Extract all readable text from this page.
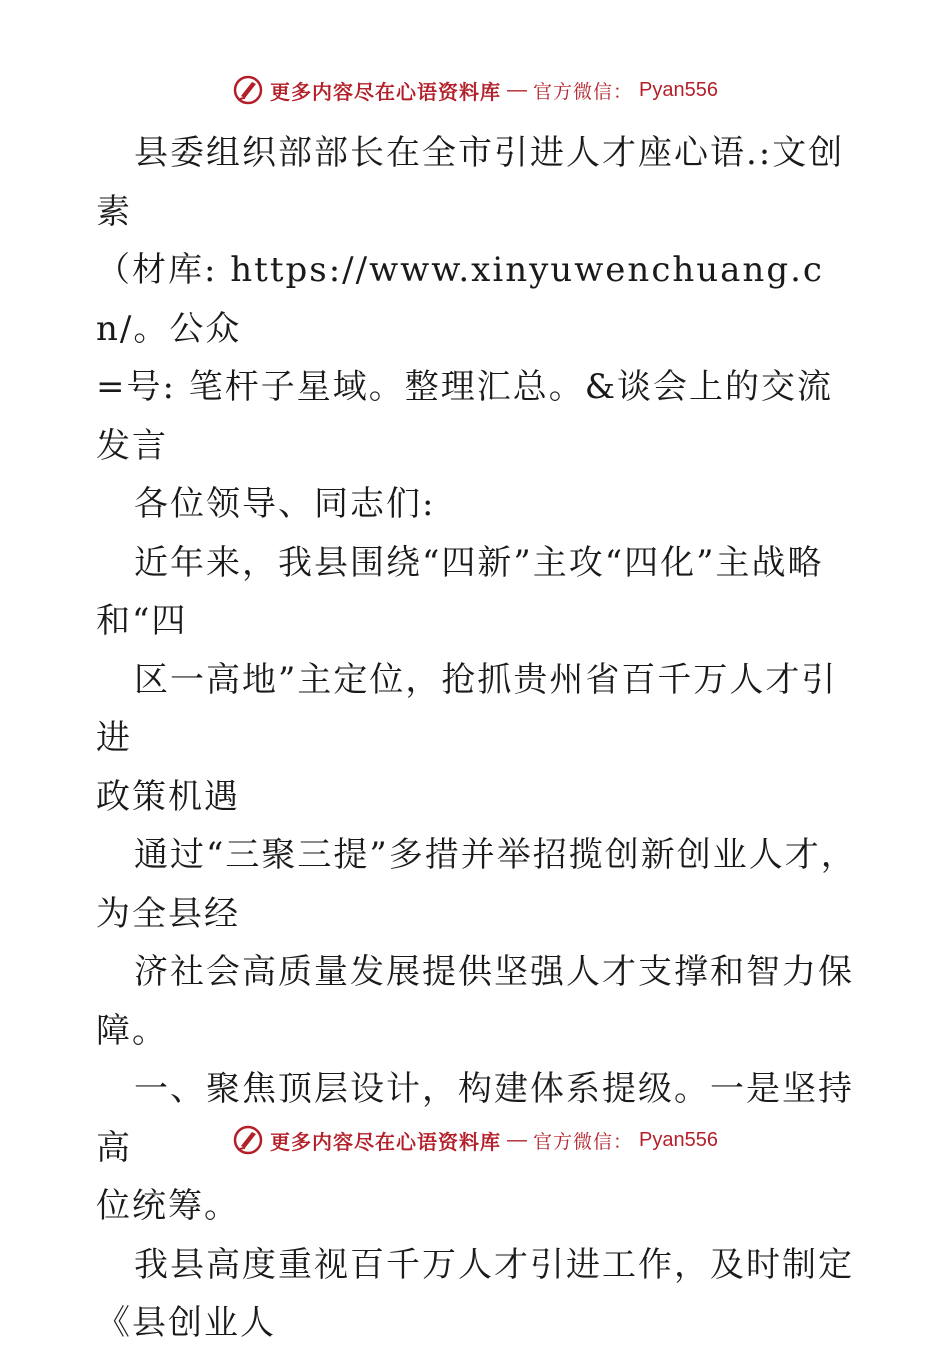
更多内容尽在心语资料库 — 官方微信： Pyan556

县委组织部部长在全市引进人才座心语.:文创素

（材库: https://www.xinyuwenchuang.cn/。公众

=号: 笔杆子星域。整理汇总。&谈会上的交流发言

各位领导、同志们:

近年来，我县围绕“四新”主攻“四化”主战略

和“四

区一高地”主定位，抢抓贵州省百千万人才引进

政策机遇

通过“三聚三提”多措并举招揽创新创业人才，

为全县经

济社会高质量发展提供坚强人才支撑和智力保

障。

一、聚焦顶层设计，构建体系提级。一是坚持高

位统筹。

我县高度重视百千万人才引进工作，及时制定

《县创业人

更多内容尽在心语资料库 — 官方微信： Pyan556
